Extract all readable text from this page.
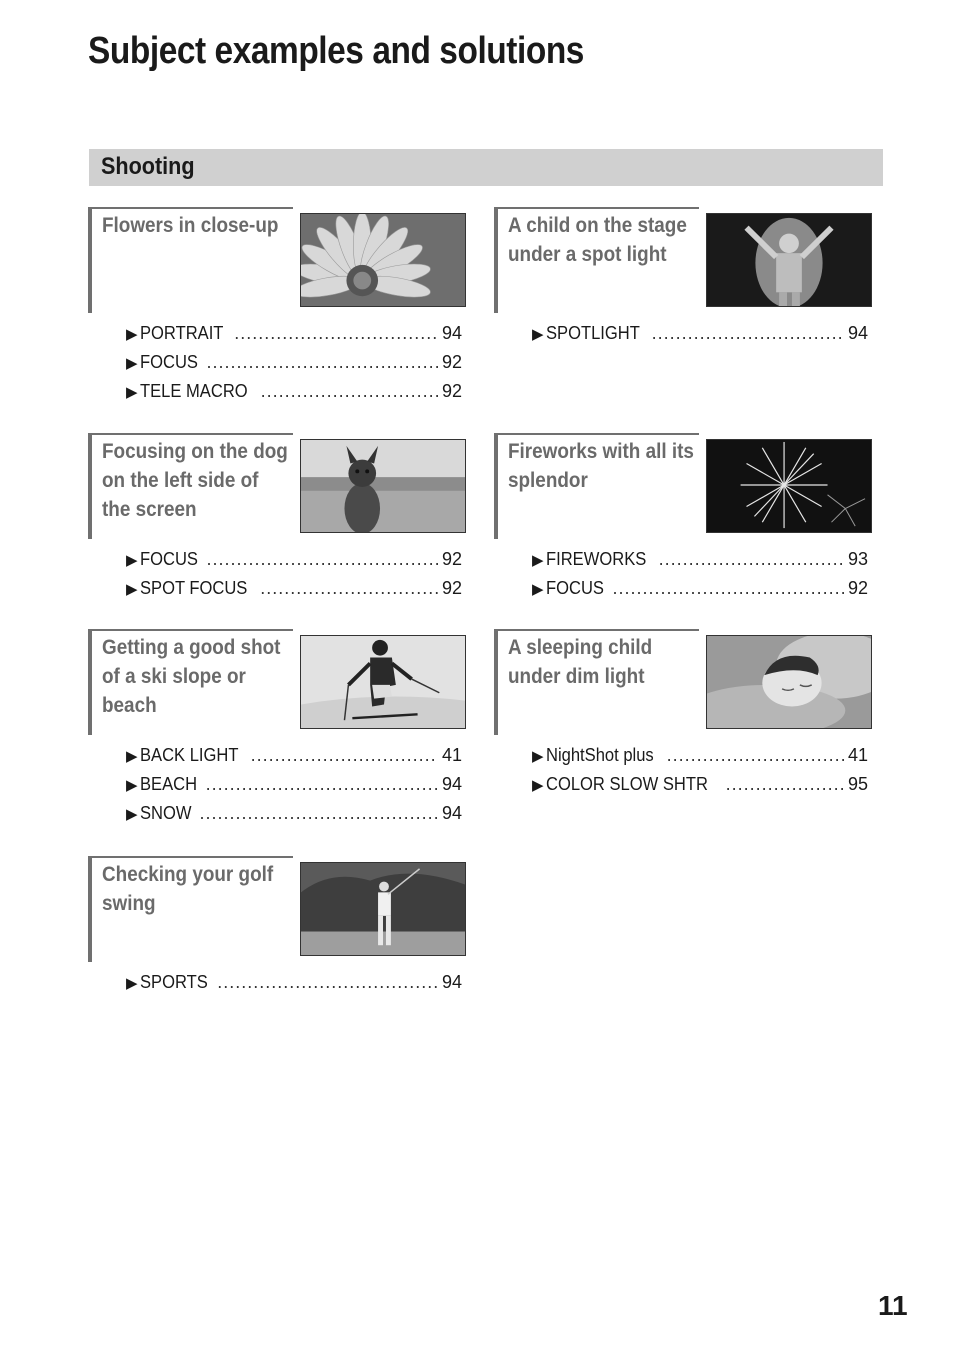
Subject examples and solutions
Shooting
Flowers in close-up
▶ PORTRAIT .....	94
▶ FOCUS .....	92
▶ TELE MACRO .....	92
A child on the stage under a spot light
▶ SPOTLIGHT .....	94
Focusing on the dog on the left side of the screen
▶ FOCUS .....	92
▶ SPOT FOCUS .....	92
Fireworks with all its splendor
▶ FIREWORKS .....	93
▶ FOCUS .....	92
Getting a good shot of a ski slope or beach
▶ BACK LIGHT .....	41
▶ BEACH .....	94
▶ SNOW .....	94
A sleeping child under dim light
▶ NightShot plus .....	41
▶ COLOR SLOW SHTR .....	95
Checking your golf swing
▶ SPORTS .....	94
11
